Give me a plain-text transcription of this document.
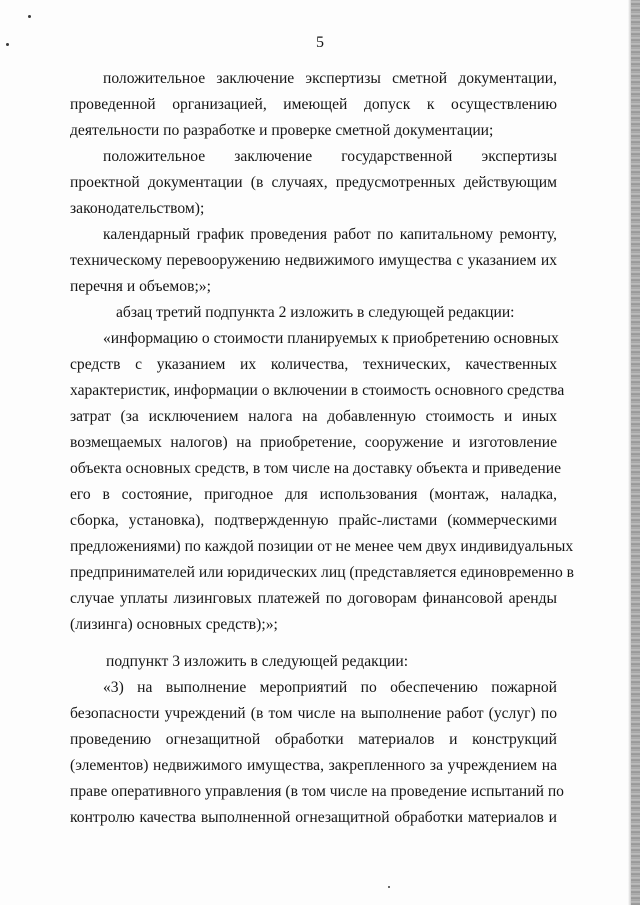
5
положительное заключение экспертизы сметной документации,
проведенной организацией, имеющей допуск к осуществлению
деятельности по разработке и проверке сметной документации;
положительное заключение государственной экспертизы
проектной документации (в случаях, предусмотренных действующим
законодательством);
календарный график проведения работ по капитальному ремонту,
техническому перевооружению недвижимого имущества с указанием их
перечня и объемов;»;
абзац третий подпункта 2 изложить в следующей редакции:
«информацию о стоимости планируемых к приобретению основных
средств с указанием их количества, технических, качественных
характеристик, информации о включении в стоимость основного средства
затрат (за исключением налога на добавленную стоимость и иных
возмещаемых налогов) на приобретение, сооружение и изготовление
объекта основных средств, в том числе на доставку объекта и приведение
его в состояние, пригодное для использования (монтаж, наладка,
сборка, установка), подтвержденную прайс-листами (коммерческими
предложениями) по каждой позиции от не менее чем двух индивидуальных
предпринимателей или юридических лиц (представляется единовременно в
случае уплаты лизинговых платежей по договорам финансовой аренды
(лизинга) основных средств);»;
подпункт 3 изложить в следующей редакции:
«3) на выполнение мероприятий по обеспечению пожарной
безопасности учреждений (в том числе на выполнение работ (услуг) по
проведению огнезащитной обработки материалов и конструкций
(элементов) недвижимого имущества, закрепленного за учреждением на
праве оперативного управления (в том числе на проведение испытаний по
контролю качества выполненной огнезащитной обработки материалов и
